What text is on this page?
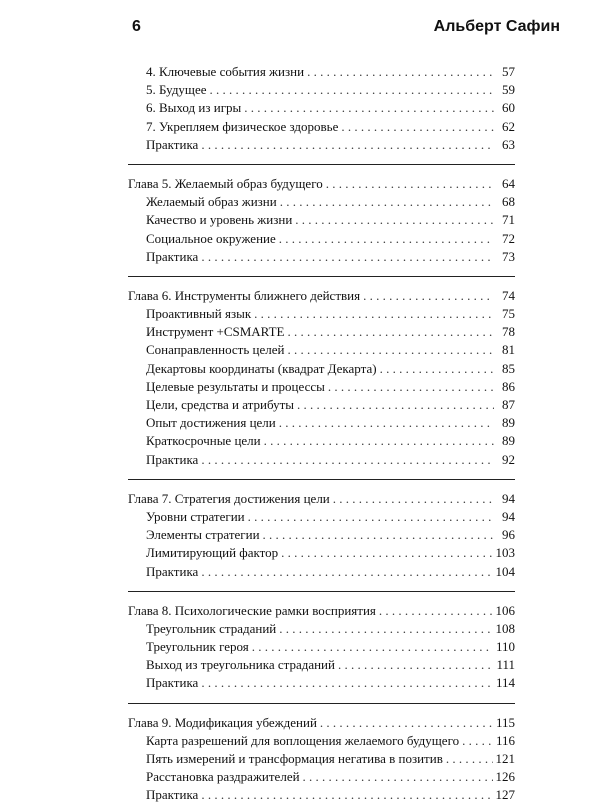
6	Альберт Сафин
4. Ключевые события жизни . . .	57
5. Будущее . . .	59
6. Выход из игры . . .	60
7. Укрепляем физическое здоровье . . .	62
Практика . . .	63
Глава 5. Желаемый образ будущего . . .	64
Желаемый образ жизни . . .	68
Качество и уровень жизни . . .	71
Социальное окружение . . .	72
Практика . . .	73
Глава 6. Инструменты ближнего действия . . .	74
Проактивный язык . . .	75
Инструмент +CSMARTE . . .	78
Сонаправленность целей . . .	81
Декартовы координаты (квадрат Декарта) . . .	85
Целевые результаты и процессы . . .	86
Цели, средства и атрибуты . . .	87
Опыт достижения цели . . .	89
Краткосрочные цели . . .	89
Практика . . .	92
Глава 7. Стратегия достижения цели . . .	94
Уровни стратегии . . .	94
Элементы стратегии . . .	96
Лимитирующий фактор . . .	103
Практика . . .	104
Глава 8. Психологические рамки восприятия . . .	106
Треугольник страданий . . .	108
Треугольник героя . . .	110
Выход из треугольника страданий . . .	111
Практика . . .	114
Глава 9. Модификация убеждений . . .	115
Карта разрешений для воплощения желаемого будущего . . .	116
Пять измерений и трансформация негатива в позитив . . .	121
Расстановка раздражителей . . .	126
Практика . . .	127
